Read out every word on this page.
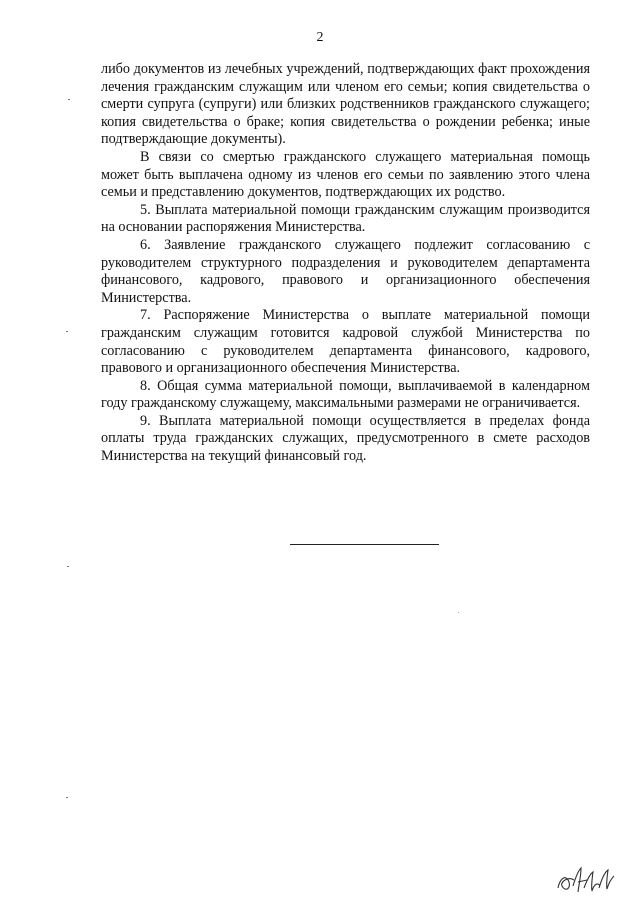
2

либо документов из лечебных учреждений, подтверждающих факт прохождения лечения гражданским служащим или членом его семьи; копия свидетельства о смерти супруга (супруги) или близких родственников гражданского служащего; копия свидетельства о браке; копия свидетельства о рождении ребенка; иные подтверждающие документы).

В связи со смертью гражданского служащего материальная помощь может быть выплачена одному из членов его семьи по заявлению этого члена семьи и представлению документов, подтверждающих их родство.

5. Выплата материальной помощи гражданским служащим производится на основании распоряжения Министерства.

6. Заявление гражданского служащего подлежит согласованию с руководителем структурного подразделения и руководителем департамента финансового, кадрового, правового и организационного обеспечения Министерства.

7. Распоряжение Министерства о выплате материальной помощи гражданским служащим готовится кадровой службой Министерства по согласованию с руководителем департамента финансового, кадрового, правового и организационного обеспечения Министерства.

8. Общая сумма материальной помощи, выплачиваемой в календарном году гражданскому служащему, максимальными размерами не ограничивается.

9. Выплата материальной помощи осуществляется в пределах фонда оплаты труда гражданских служащих, предусмотренного в смете расходов Министерства на текущий финансовый год.
